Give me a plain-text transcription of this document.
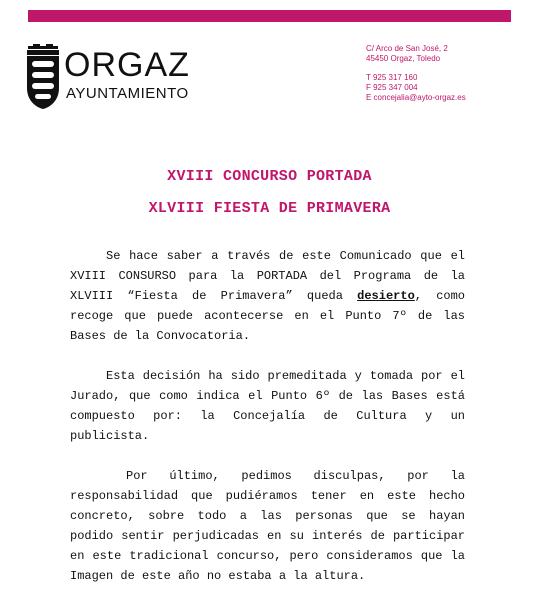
ORGAZ
AYUNTAMIENTO
C/ Arco de San José, 2
45450 Orgaz, Toledo
T 925 317 160
F 925 347 004
E concejalia@ayto-orgaz.es
XVIII CONCURSO PORTADA
XLVIII FIESTA DE PRIMAVERA

Se hace saber a través de este Comunicado que el XVIII CONSURSO para la PORTADA del Programa de la XLVIII “Fiesta de Primavera” queda desierto, como recoge que puede acontecerse en el Punto 7º de las Bases de la Convocatoria.

Esta decisión ha sido premeditada y tomada por el Jurado, que como indica el Punto 6º de las Bases está compuesto por: la Concejalía de Cultura y un publicista.

Por último, pedimos disculpas, por la responsabilidad que pudiéramos tener en este hecho concreto, sobre todo a las personas que se hayan podido sentir perjudicadas en su interés de participar en este tradicional concurso, pero consideramos que la Imagen de este año no estaba a la altura.
